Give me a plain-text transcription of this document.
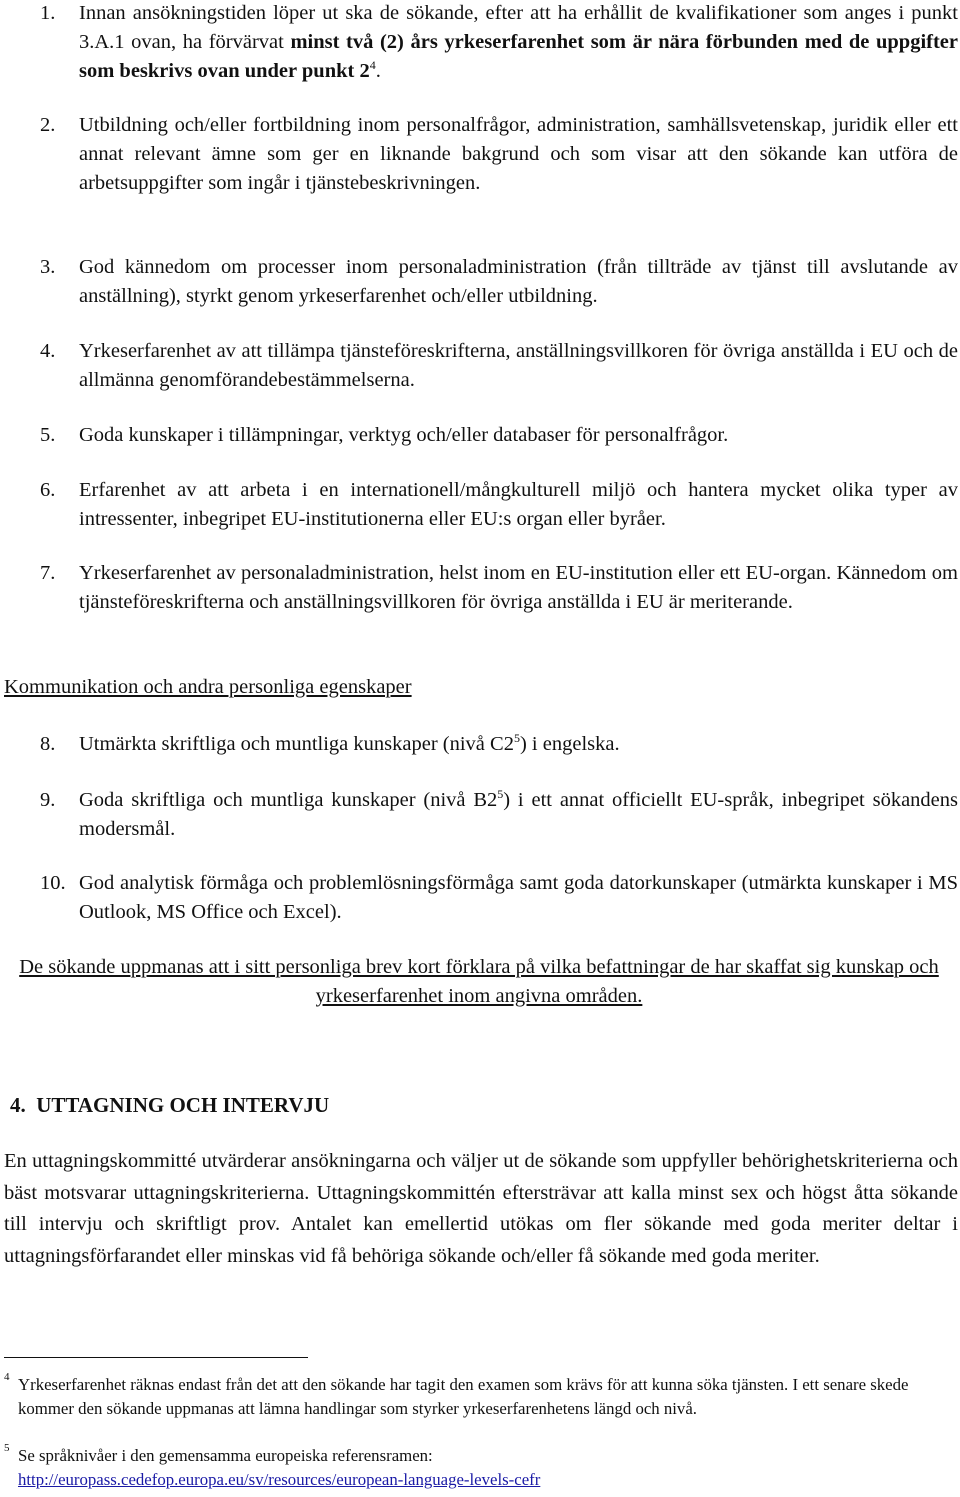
1. Innan ansökningstiden löper ut ska de sökande, efter att ha erhållit de kvalifikationer som anges i punkt 3.A.1 ovan, ha förvärvat minst två (2) års yrkeserfarenhet som är nära förbunden med de uppgifter som beskrivs ovan under punkt $2^4$.
2. Utbildning och/eller fortbildning inom personalfrågor, administration, samhällsvetenskap, juridik eller ett annat relevant ämne som ger en liknande bakgrund och som visar att den sökande kan utföra de arbetsuppgifter som ingår i tjänstebeskrivningen.
3. God kännedom om processer inom personaladministration (från tillträde av tjänst till avslutande av anställning), styrkt genom yrkeserfarenhet och/eller utbildning.
4. Yrkeserfarenhet av att tillämpa tjänsteföreskrifterna, anställningsvillkoren för övriga anställda i EU och de allmänna genomförandebestämmelserna.
5. Goda kunskaper i tillämpningar, verktyg och/eller databaser för personalfrågor.
6. Erfarenhet av att arbeta i en internationell/mångkulturell miljö och hantera mycket olika typer av intressenter, inbegripet EU-institutionerna eller EU:s organ eller byråer.
7. Yrkeserfarenhet av personaladministration, helst inom en EU-institution eller ett EU-organ. Kännedom om tjänsteföreskrifterna och anställningsvillkoren för övriga anställda i EU är meriterande.
Kommunikation och andra personliga egenskaper
8. Utmärkta skriftliga och muntliga kunskaper (nivå $C2^5$) i engelska.
9. Goda skriftliga och muntliga kunskaper (nivå $B2^5$) i ett annat officiellt EU-språk, inbegripet sökandens modersmål.
10. God analytisk förmåga och problemlösningsförmåga samt goda datorkunskaper (utmärkta kunskaper i MS Outlook, MS Office och Excel).
De sökande uppmanas att i sitt personliga brev kort förklara på vilka befattningar de har skaffat sig kunskap och yrkeserfarenhet inom angivna områden.
4.  UTTAGNING OCH INTERVJU
En uttagningskommitté utvärderar ansökningarna och väljer ut de sökande som uppfyller behörighetskriterierna och bäst motsvarar uttagningskriterierna. Uttagningskommittén eftersträvar att kalla minst sex och högst åtta sökande till intervju och skriftligt prov. Antalet kan emellertid utökas om fler sökande med goda meriter deltar i uttagningsförfarandet eller minskas vid få behöriga sökande och/eller få sökande med goda meriter.
4 Yrkeserfarenhet räknas endast från det att den sökande har tagit den examen som krävs för att kunna söka tjänsten. I ett senare skede kommer den sökande uppmanas att lämna handlingar som styrker yrkeserfarenhetens längd och nivå.
5 Se språknivåer i den gemensamma europeiska referensramen:
http://europass.cedefop.europa.eu/sv/resources/european-language-levels-cefr
